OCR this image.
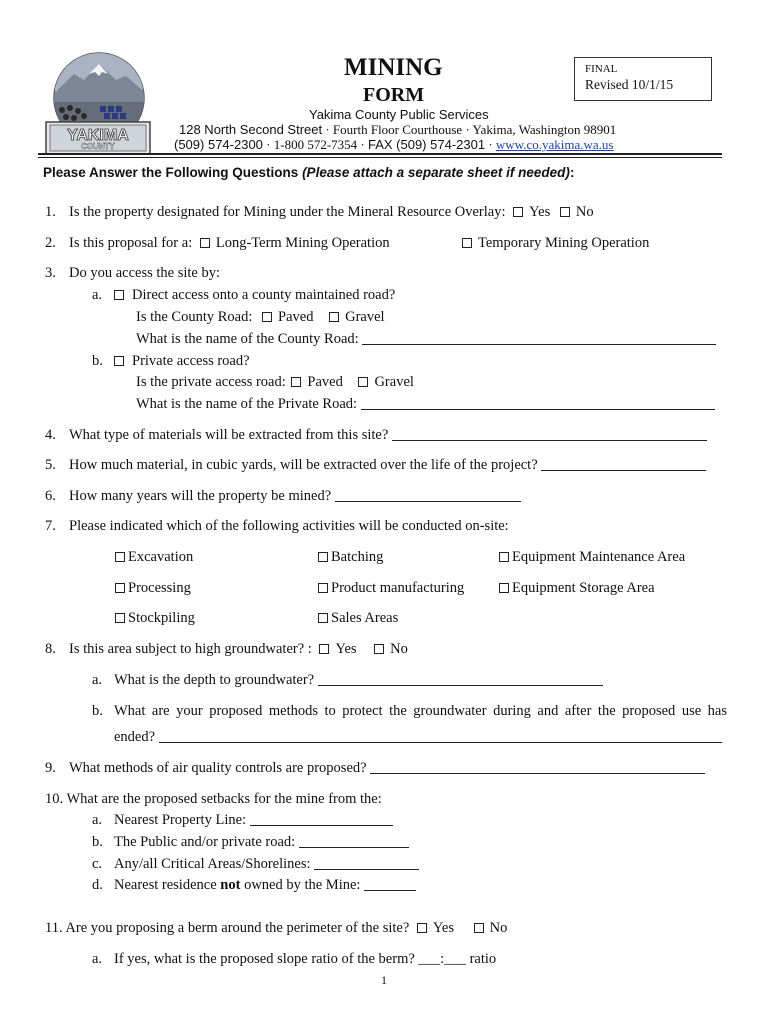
YAKIMA
COUNTY
MINING
FORM
FINAL
Revised 10/1/15
Yakima County Public Services
128 North Second Street · Fourth Floor Courthouse · Yakima, Washington 98901
(509) 574-2300 · 1-800 572-7354 · FAX (509) 574-2301 · www.co.yakima.wa.us
Please Answer the Following Questions (Please attach a separate sheet if needed):
1. Is the property designated for Mining under the Mineral Resource Overlay: Yes No
2. Is this proposal for a: Long-Term Mining Operation	Temporary Mining Operation
3. Do you access the site by:
a. Direct access onto a county maintained road?
Is the County Road: Paved Gravel
What is the name of the County Road:
b. Private access road?
Is the private access road: Paved Gravel
What is the name of the Private Road:
4. What type of materials will be extracted from this site?
5. How much material, in cubic yards, will be extracted over the life of the project?
6. How many years will the property be mined?
7. Please indicated which of the following activities will be conducted on-site:
Excavation	Batching	Equipment Maintenance Area
Processing	Product manufacturing	Equipment Storage Area
Stockpiling	Sales Areas
8. Is this area subject to high groundwater? : Yes No
a. What is the depth to groundwater?
b. What are your proposed methods to protect the groundwater during and after the proposed use has
ended?
9. What methods of air quality controls are proposed?
10. What are the proposed setbacks for the mine from the:
a. Nearest Property Line:
b. The Public and/or private road:
c. Any/all Critical Areas/Shorelines:
d. Nearest residence not owned by the Mine:
11. Are you proposing a berm around the perimeter of the site? Yes No
a. If yes, what is the proposed slope ratio of the berm? ___:___ ratio
1
